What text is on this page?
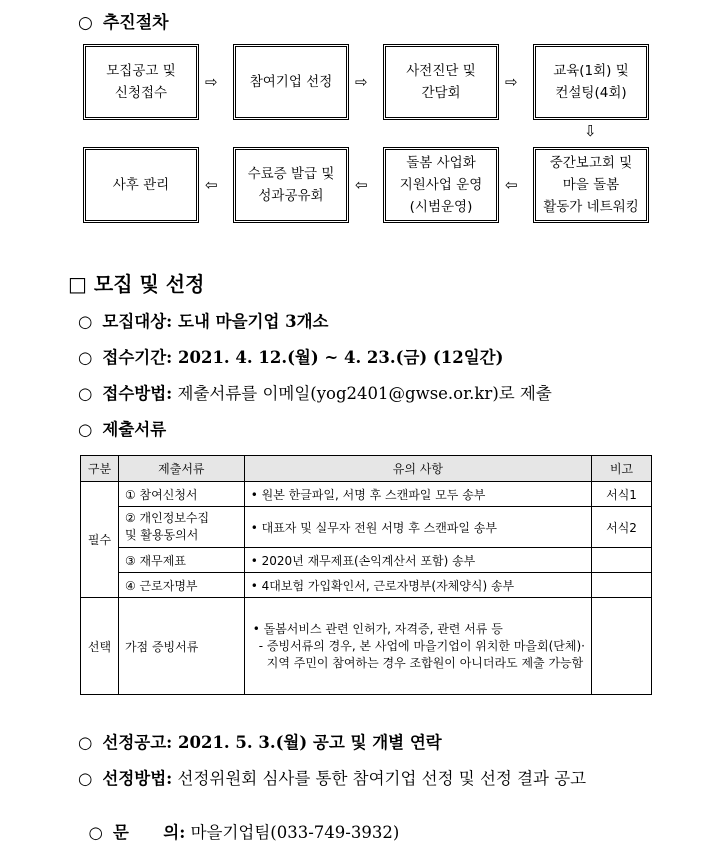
○ 추진절차
모집공고 및
신청접수
⇨	참여기업 선정	⇨
사전진단 및
간담회
⇨
교육(1회) 및
컨설팅(4회)
⇩
사후 관리	⇦
수료증 발급 및
성과공유회
⇦
돌봄 사업화
지원사업 운영
(시범운영)
⇦
중간보고회 및
마을 돌봄
활동가 네트워킹
□ 모집 및 선정
○ 모집대상: 도내 마을기업 3개소
○ 접수기간: 2021. 4. 12.(월) ~ 4. 23.(금) (12일간)
○ 접수방법: 제출서류를 이메일(yog2401@gwse.or.kr)로 제출
○ 제출서류
구분	제출서류	유의 사항	비고
필수	① 참여신청서	• 원본 한글파일, 서명 후 스캔파일 모두 송부	서식1
	② 개인정보수집
및 활용동의서	• 대표자 및 실무자 전원 서명 후 스캔파일 송부	서식2
	③ 재무제표	• 2020년 재무제표(손익계산서 포함) 송부	
	④ 근로자명부	• 4대보험 가입확인서, 근로자명부(자체양식) 송부	
선택	가점 증빙서류	• 돌봄서비스 관련 인허가, 자격증, 관련 서류 등
- 증빙서류의 경우, 본 사업에 마을기업이 위치한 마을회(단체)·지역 주민이 참여하는 경우 조합원이 아니더라도 제출 가능함	

○ 선정공고: 2021. 5. 3.(월) 공고 및 개별 연락
○ 선정방법: 선정위원회 심사를 통한 참여기업 선정 및 선정 결과 공고

○ 문      의: 마을기업팀(033-749-3932)
